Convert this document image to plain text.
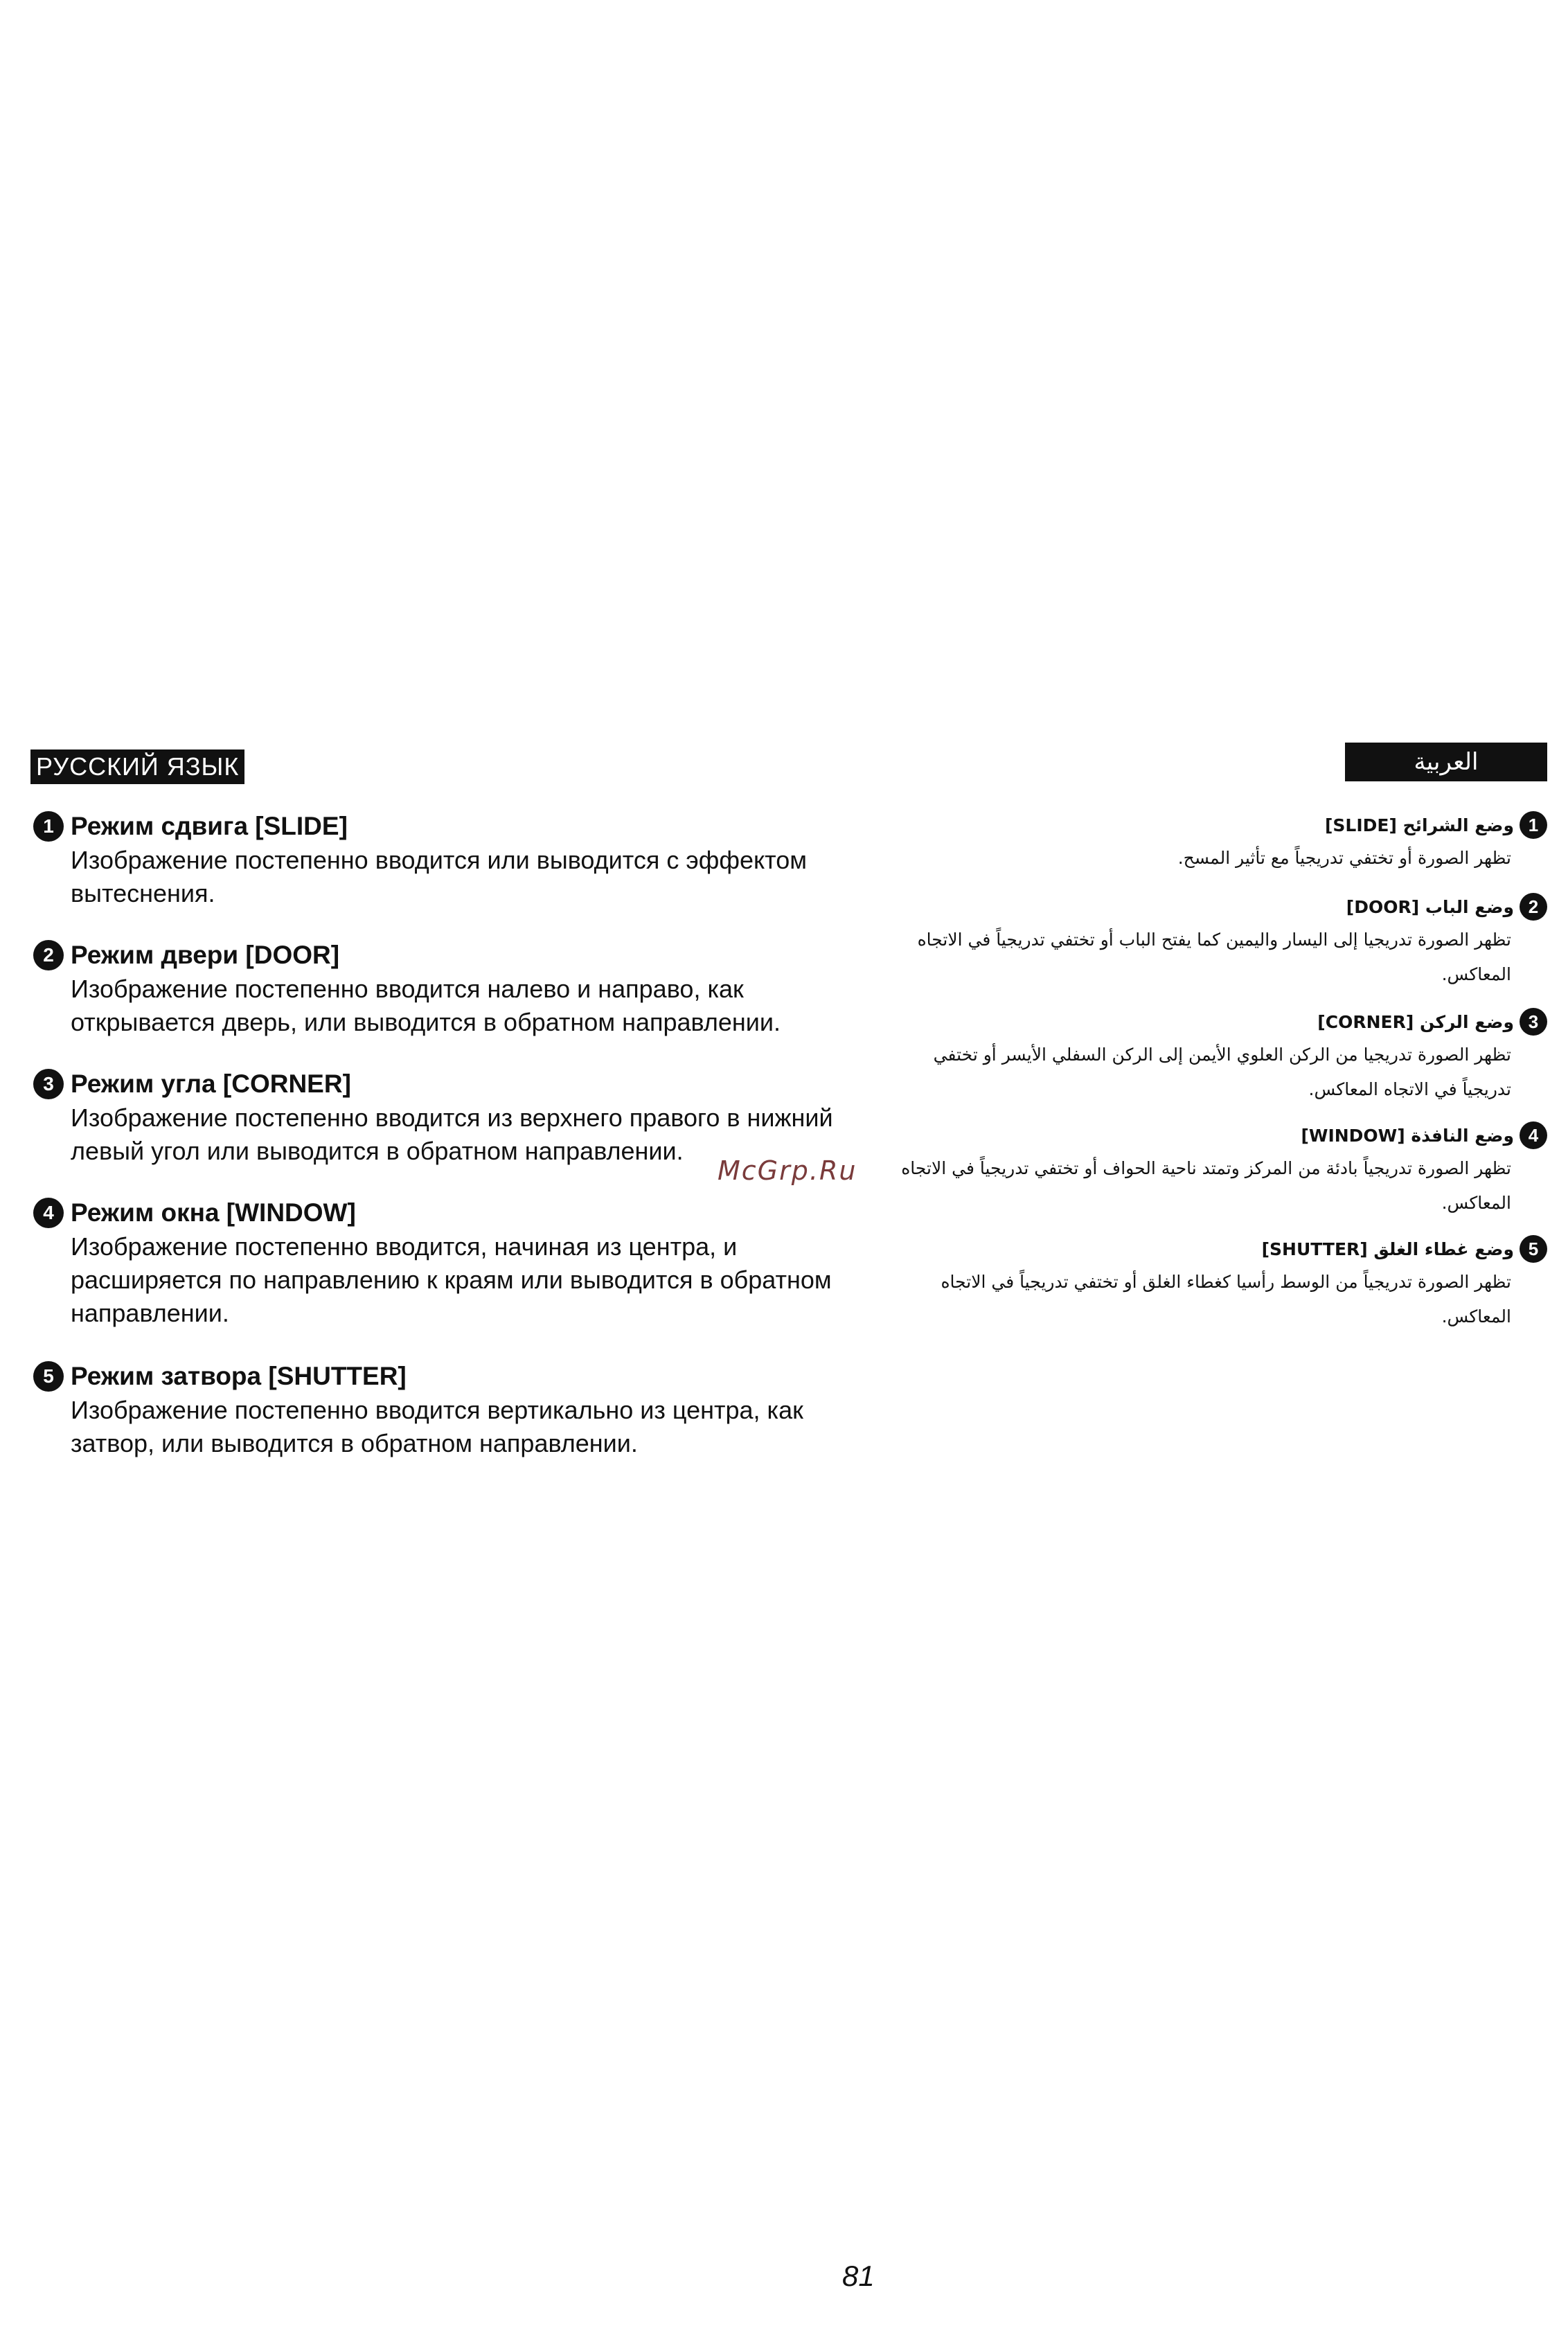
РУССКИЙ ЯЗЫК
1 Режим сдвига [SLIDE]
Изображение постепенно вводится или выводится с эффектом вытеснения.
2 Режим двери [DOOR]
Изображение постепенно вводится налево и направо, как открывается дверь, или выводится в обратном направлении.
3 Режим угла [CORNER]
Изображение постепенно вводится из верхнего правого в нижний левый угол или выводится в обратном направлении.
4 Режим окна [WINDOW]
Изображение постепенно вводится, начиная из центра, и расширяется по направлению к краям или выводится в обратном направлении.
5 Режим затвора [SHUTTER]
Изображение постепенно вводится вертикально из центра, как затвор, или выводится в обратном направлении.
العربية
1
وضع الشرائح [SLIDE]
تظهر الصورة أو تختفي تدريجياً مع تأثير المسح.
2
وضع الباب [DOOR]
تظهر الصورة تدريجيا إلى اليسار واليمين كما يفتح الباب أو تختفي تدريجياً في الاتجاه المعاكس.
3
وضع الركن [CORNER]
تظهر الصورة تدريجيا من الركن العلوي الأيمن إلى الركن السفلي الأيسر أو تختفي تدريجياً في الاتجاه المعاكس.
4
وضع النافذة [WINDOW]
تظهر الصورة تدريجياً بادئة من المركز وتمتد ناحية الحواف أو تختفي تدريجياً في الاتجاه المعاكس.
5
وضع غطاء الغلق [SHUTTER]
تظهر الصورة تدريجياً من الوسط رأسيا كغطاء الغلق أو تختفي تدريجياً في الاتجاه المعاكس.
McGrp.Ru
81
